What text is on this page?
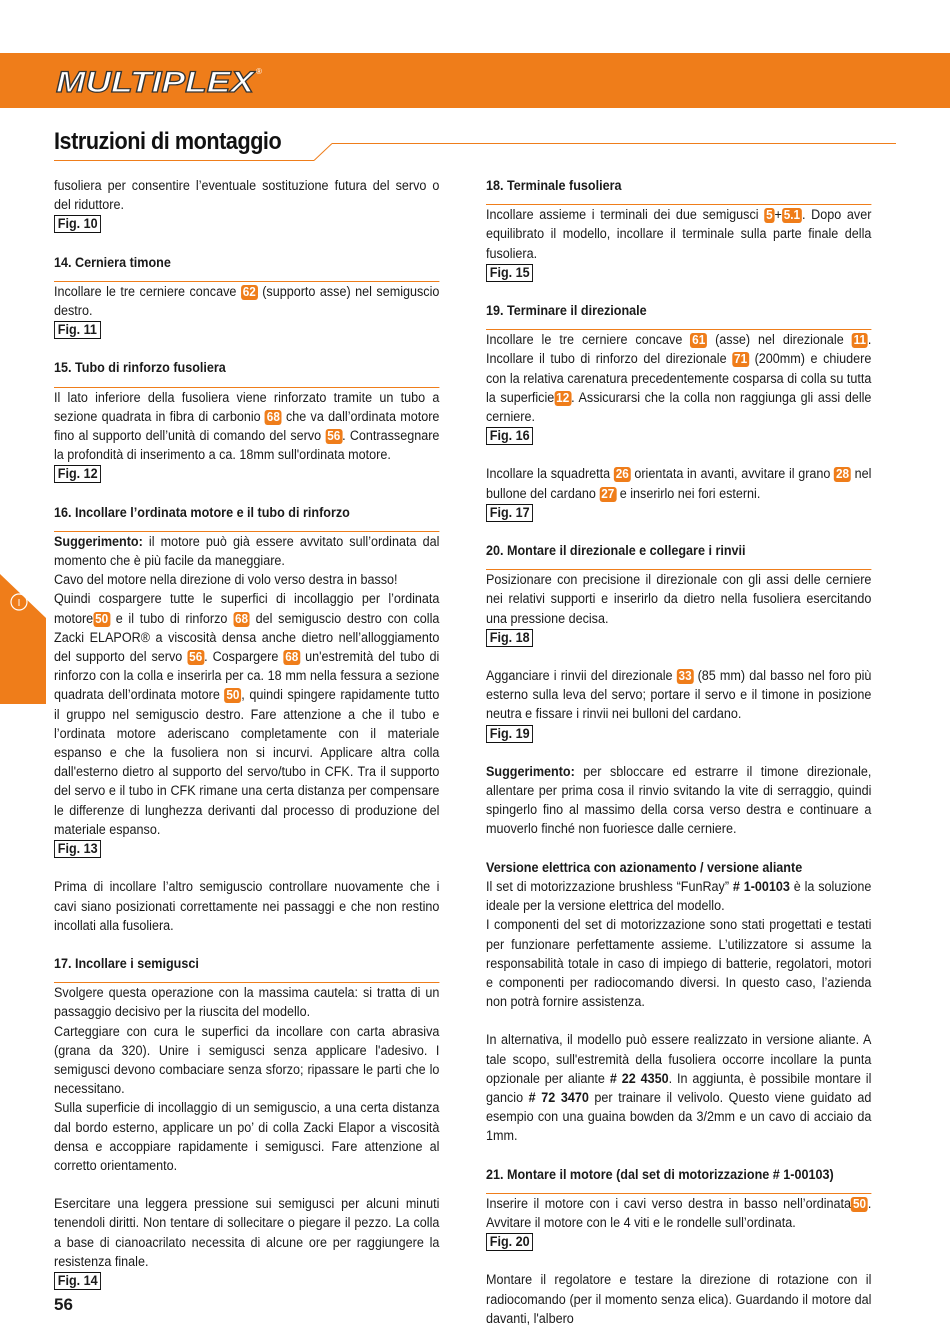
MULTIPLEX ®
Istruzioni di montaggio
I

fusoliera per consentire l’eventuale sostituzione futura del servo o del riduttore.

Fig. 10

14. Cerniera timone

Incollare le tre cerniere concave 62 (supporto asse) nel semiguscio destro.

Fig. 11

15. Tubo di rinforzo fusoliera

Il lato inferiore della fusoliera viene rinforzato tramite un tubo a sezione quadrata in fibra di carbonio 68 che va dall’ordinata motore fino al supporto dell’unità di comando del servo 56 . Contrassegnare la profondità di inserimento a ca. 18mm sull'ordinata motore.

Fig. 12

16. Incollare l’ordinata motore e il tubo di rinforzo

Suggerimento: il motore può già essere avvitato sull’ordinata dal momento che è più facile da maneggiare.

Cavo del motore nella direzione di volo verso destra in basso!

Quindi cospargere tutte le superfici di incollaggio per l’ordinata motore 50 e il tubo di rinforzo 68 del semiguscio destro con colla Zacki ELAPOR® a viscosità densa anche dietro nell’alloggiamento del supporto del servo 56 . Cospargere 68 un'estremità del tubo di rinforzo con la colla e inserirla per ca. 18 mm nella fessura a sezione quadrata dell’ordinata motore 50 , quindi spingere rapidamente tutto il gruppo nel semiguscio destro. Fare attenzione a che il tubo e l’ordinata motore aderiscano completamente con il materiale espanso e che la fusoliera non si incurvi. Applicare altra colla dall'esterno dietro al supporto del servo/tubo in CFK. Tra il supporto del servo e il tubo in CFK rimane una certa distanza per compensare le differenze di lunghezza derivanti dal processo di produzione del materiale espanso.

Fig. 13

Prima di incollare l’altro semiguscio controllare nuovamente che i cavi siano posizionati correttamente nei passaggi e che non restino incollati alla fusoliera.

17. Incollare i semigusci

Svolgere questa operazione con la massima cautela: si tratta di un passaggio decisivo per la riuscita del modello.

Carteggiare con cura le superfici da incollare con carta abrasiva (grana da 320). Unire i semigusci senza applicare l'adesivo. I semigusci devono combaciare senza sforzo; ripassare le parti che lo necessitano.

Sulla superficie di incollaggio di un semiguscio, a una certa distanza dal bordo esterno, applicare un po’ di colla Zacki Elapor a viscosità densa e accoppiare rapidamente i semigusci. Fare attenzione al corretto orientamento.

Esercitare una leggera pressione sui semigusci per alcuni minuti tenendoli diritti. Non tentare di sollecitare o piegare il pezzo. La colla a base di cianoacrilato necessita di alcune ore per raggiungere la resistenza finale.

Fig. 14

18. Terminale fusoliera

Incollare assieme i terminali dei due semigusci 5 + 5.1 . Dopo aver equilibrato il modello, incollare il terminale sulla parte finale della fusoliera.

Fig. 15

19. Terminare il direzionale

Incollare le tre cerniere concave 61 (asse) nel direzionale 11 . Incollare il tubo di rinforzo del direzionale 71 (200mm) e chiudere con la relativa carenatura precedentemente cosparsa di colla su tutta la superficie 12 . Assicurarsi che la colla non raggiunga gli assi delle cerniere.

Fig. 16

Incollare la squadretta 26 orientata in avanti, avvitare il grano 28 nel bullone del cardano 27 e inserirlo nei fori esterni.

Fig. 17

20. Montare il direzionale e collegare i rinvii

Posizionare con precisione il direzionale con gli assi delle cerniere nei relativi supporti e inserirlo da dietro nella fusoliera esercitando una pressione decisa.

Fig. 18

Agganciare i rinvii del direzionale 33 (85 mm) dal basso nel foro più esterno sulla leva del servo; portare il servo e il timone in posizione neutra e fissare i rinvii nei bulloni del cardano.

Fig. 19

Suggerimento: per sbloccare ed estrarre il timone direzionale, allentare per prima cosa il rinvio svitando la vite di serraggio, quindi spingerlo fino al massimo della corsa verso destra e continuare a muoverlo finché non fuoriesce dalle cerniere.

Versione elettrica con azionamento / versione aliante

Il set di motorizzazione brushless “FunRay” # 1-00103 è la soluzione ideale per la versione elettrica del modello.

I componenti del set di motorizzazione sono stati progettati e testati per funzionare perfettamente assieme. L’utilizzatore si assume la responsabilità totale in caso di impiego di batterie, regolatori, motori e componenti per radiocomando diversi. In questo caso, l’azienda non potrà fornire assistenza.

In alternativa, il modello può essere realizzato in versione aliante. A tale scopo, sull'estremità della fusoliera occorre incollare la punta opzionale per aliante # 22 4350. In aggiunta, è possibile montare il gancio # 72 3470 per trainare il velivolo. Questo viene guidato ad esempio con una guaina bowden da 3/2mm e un cavo di acciaio da 1mm.

21. Montare il motore (dal set di motorizzazione # 1-00103)

Inserire il motore con i cavi verso destra in basso nell’ordinata 50 . Avvitare il motore con le 4 viti e le rondelle sull’ordinata.

Fig. 20

Montare il regolatore e testare la direzione di rotazione con il radiocomando (per il momento senza elica). Guardando il motore dal davanti, l'albero

56
